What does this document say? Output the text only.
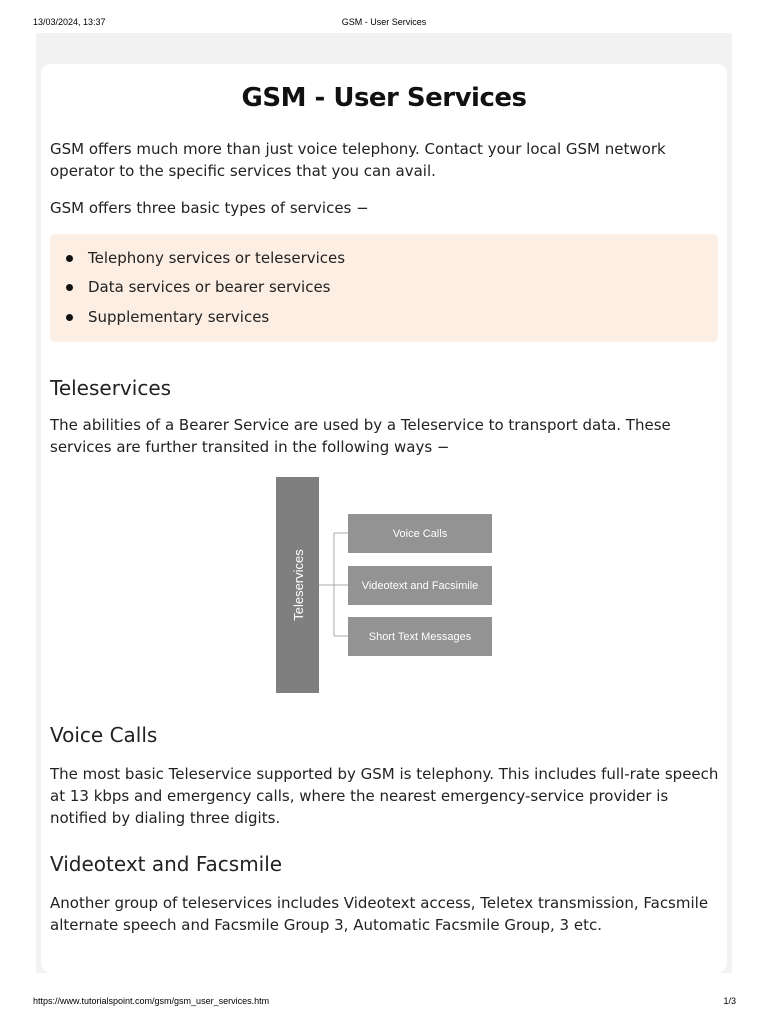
13/03/2024, 13:37	GSM - User Services
GSM - User Services

GSM offers much more than just voice telephony. Contact your local GSM network operator to the specific services that you can avail.

GSM offers three basic types of services −

Telephony services or teleservices
Data services or bearer services
Supplementary services
Teleservices

The abilities of a Bearer Service are used by a Teleservice to transport data. These services are further transited in the following ways −

Teleservices
Voice Calls
Videotext and Facsimile
Short Text Messages
Voice Calls

The most basic Teleservice supported by GSM is telephony. This includes full-rate speech at 13 kbps and emergency calls, where the nearest emergency-service provider is notified by dialing three digits.

Videotext and Facsmile

Another group of teleservices includes Videotext access, Teletex transmission, Facsmile alternate speech and Facsmile Group 3, Automatic Facsmile Group, 3 etc.

https://www.tutorialspoint.com/gsm/gsm_user_services.htm	1/3
